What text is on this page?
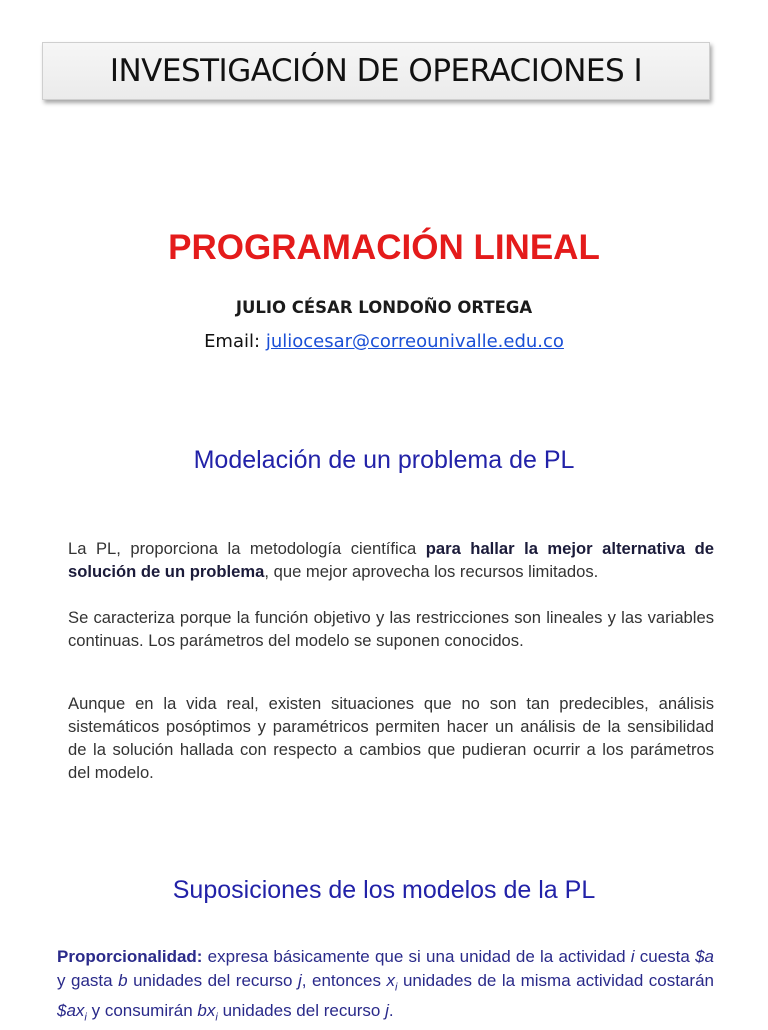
INVESTIGACIÓN DE OPERACIONES I
PROGRAMACIÓN LINEAL
JULIO CÉSAR LONDOÑO ORTEGA
Email: juliocesar@correounivalle.edu.co
Modelación de un problema de PL
La PL, proporciona la metodología científica para hallar la mejor alternativa de solución de un problema, que mejor aprovecha los recursos limitados.
Se caracteriza porque la función objetivo y las restricciones son lineales y las variables continuas. Los parámetros del modelo se suponen conocidos.
Aunque en la vida real, existen situaciones que no son tan predecibles, análisis sistemáticos posóptimos y paramétricos permiten hacer un análisis de la sensibilidad de la solución hallada con respecto a cambios que pudieran ocurrir a los parámetros del modelo.
Suposiciones de los modelos de la PL
Proporcionalidad: expresa básicamente que si una unidad de la actividad i cuesta $a y gasta b unidades del recurso j, entonces $x_i$ unidades de la misma actividad costarán $\$ax_i$ y consumirán $bx_i$ unidades del recurso j.
